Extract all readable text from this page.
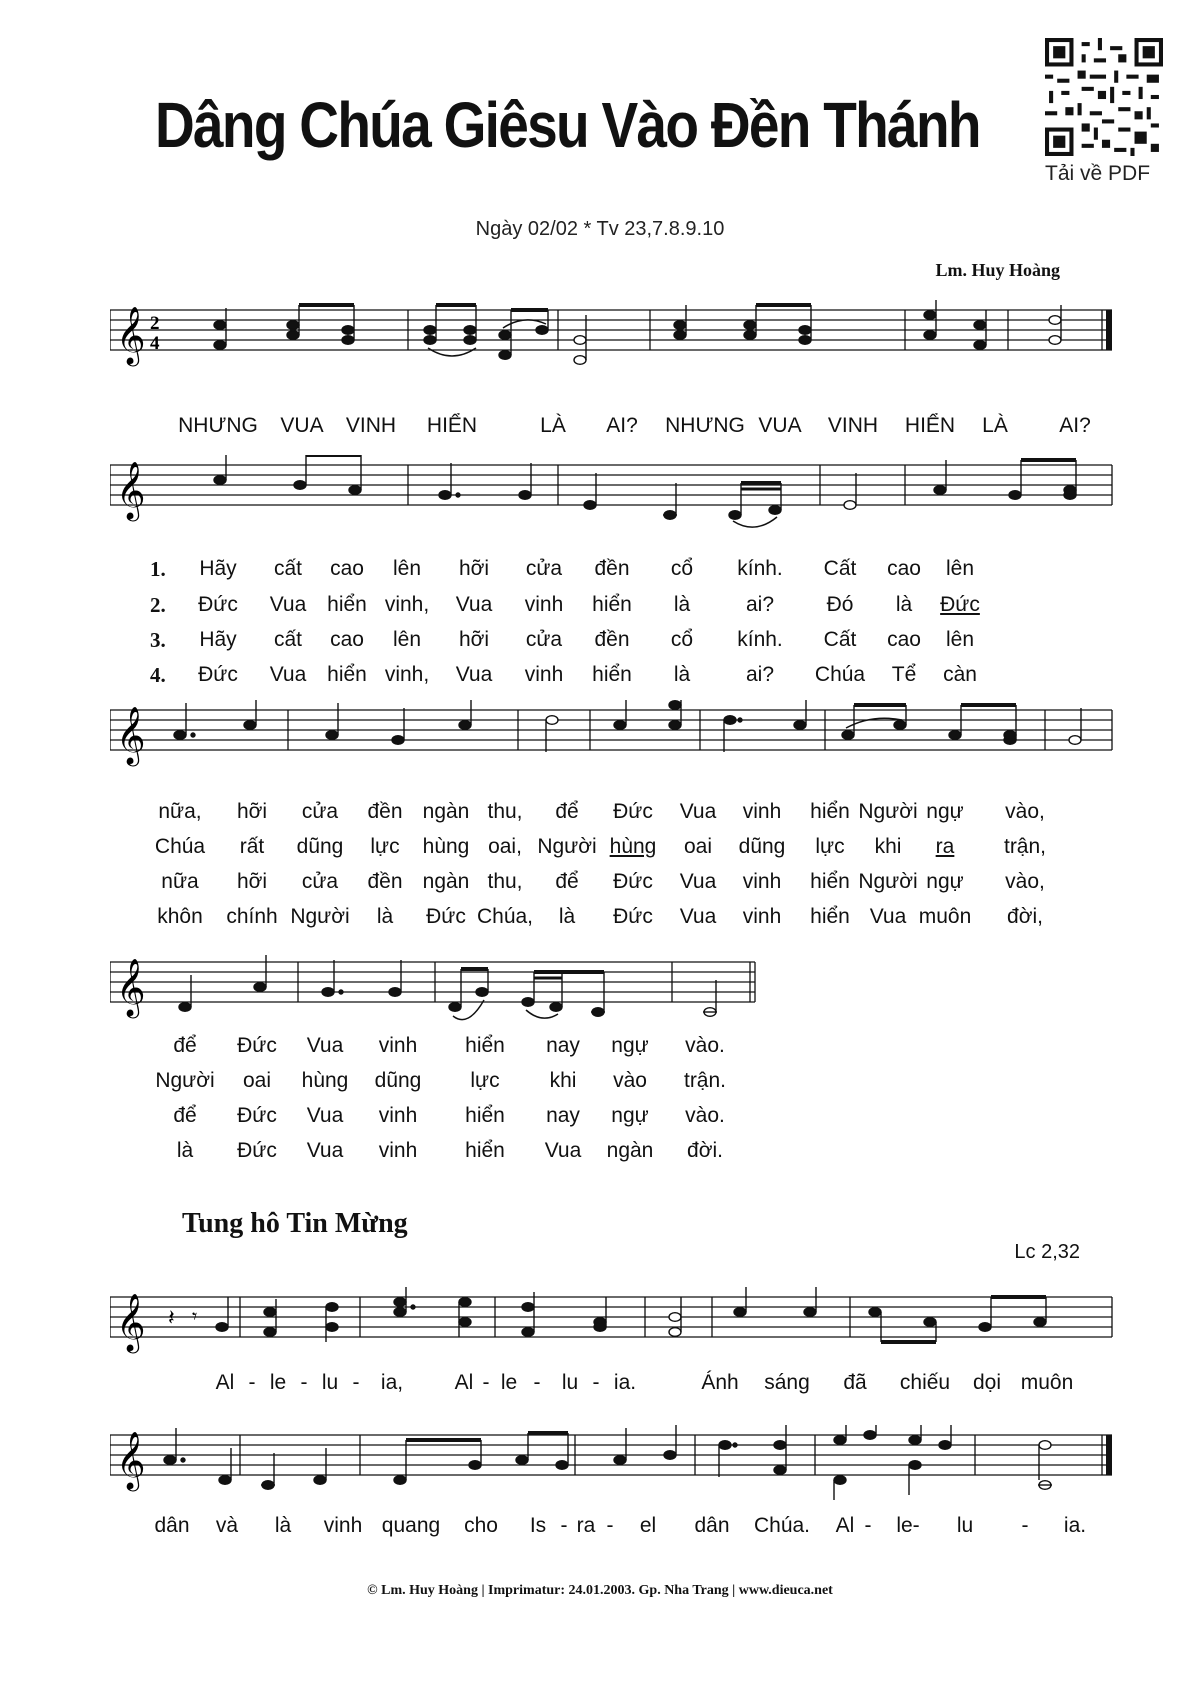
Dâng Chúa Giêsu Vào Đền Thánh
Tải về PDF
Ngày 02/02 * Tv 23,7.8.9.10
Lm. Huy Hoàng
𝄞 2
4
𝄞
𝄞
𝄞
Tung hô Tin Mừng
Lc 2,32
𝄞 𝄽 𝄾
𝄞
© Lm. Huy Hoàng | Imprimatur: 24.01.2003. Gp. Nha Trang | www.dieuca.net
NHƯNG VUA VINH HIỂN	LÀ AI? NHƯNG VUA VINH HIỂN LÀ AI?
1.
2.
3.
4.
Hãy cất cao lên hỡi cửa đền cổ kính. Cất cao lên
Đức Vua hiển vinh, Vua vinh hiển là	ai?	Đó là Đức
Hãy cất cao lên hỡi cửa đền cổ kính. Cất cao lên
Đức Vua hiển vinh, Vua vinh hiển là	ai? Chúa Tể càn
nữa, hỡi cửa đền ngàn thu, để Đức Vua vinh hiển Người ngự vào,
Chúa rất dũng lực hùng oai, Người hùng oai dũng lực khi ra trận,
nữa hỡi cửa đền ngàn thu, để Đức Vua vinh hiển Người ngự vào,
khôn chính Người là Đức Chúa, là Đức Vua vinh hiển Vua muôn đời,
để Đức Vua vinh hiển nay ngự vào.
Người oai hùng dũng lực khi vào trận.
để Đức Vua vinh hiển nay ngự vào.
là Đức Vua vinh hiển Vua ngàn đời.
Al - le - lu - ia, Al - le - lu - ia.	Ánh sáng đã chiếu dọi muôn
dân và là vinh quang cho Is - ra - el dân Chúa. Al - le- lu - ia.
